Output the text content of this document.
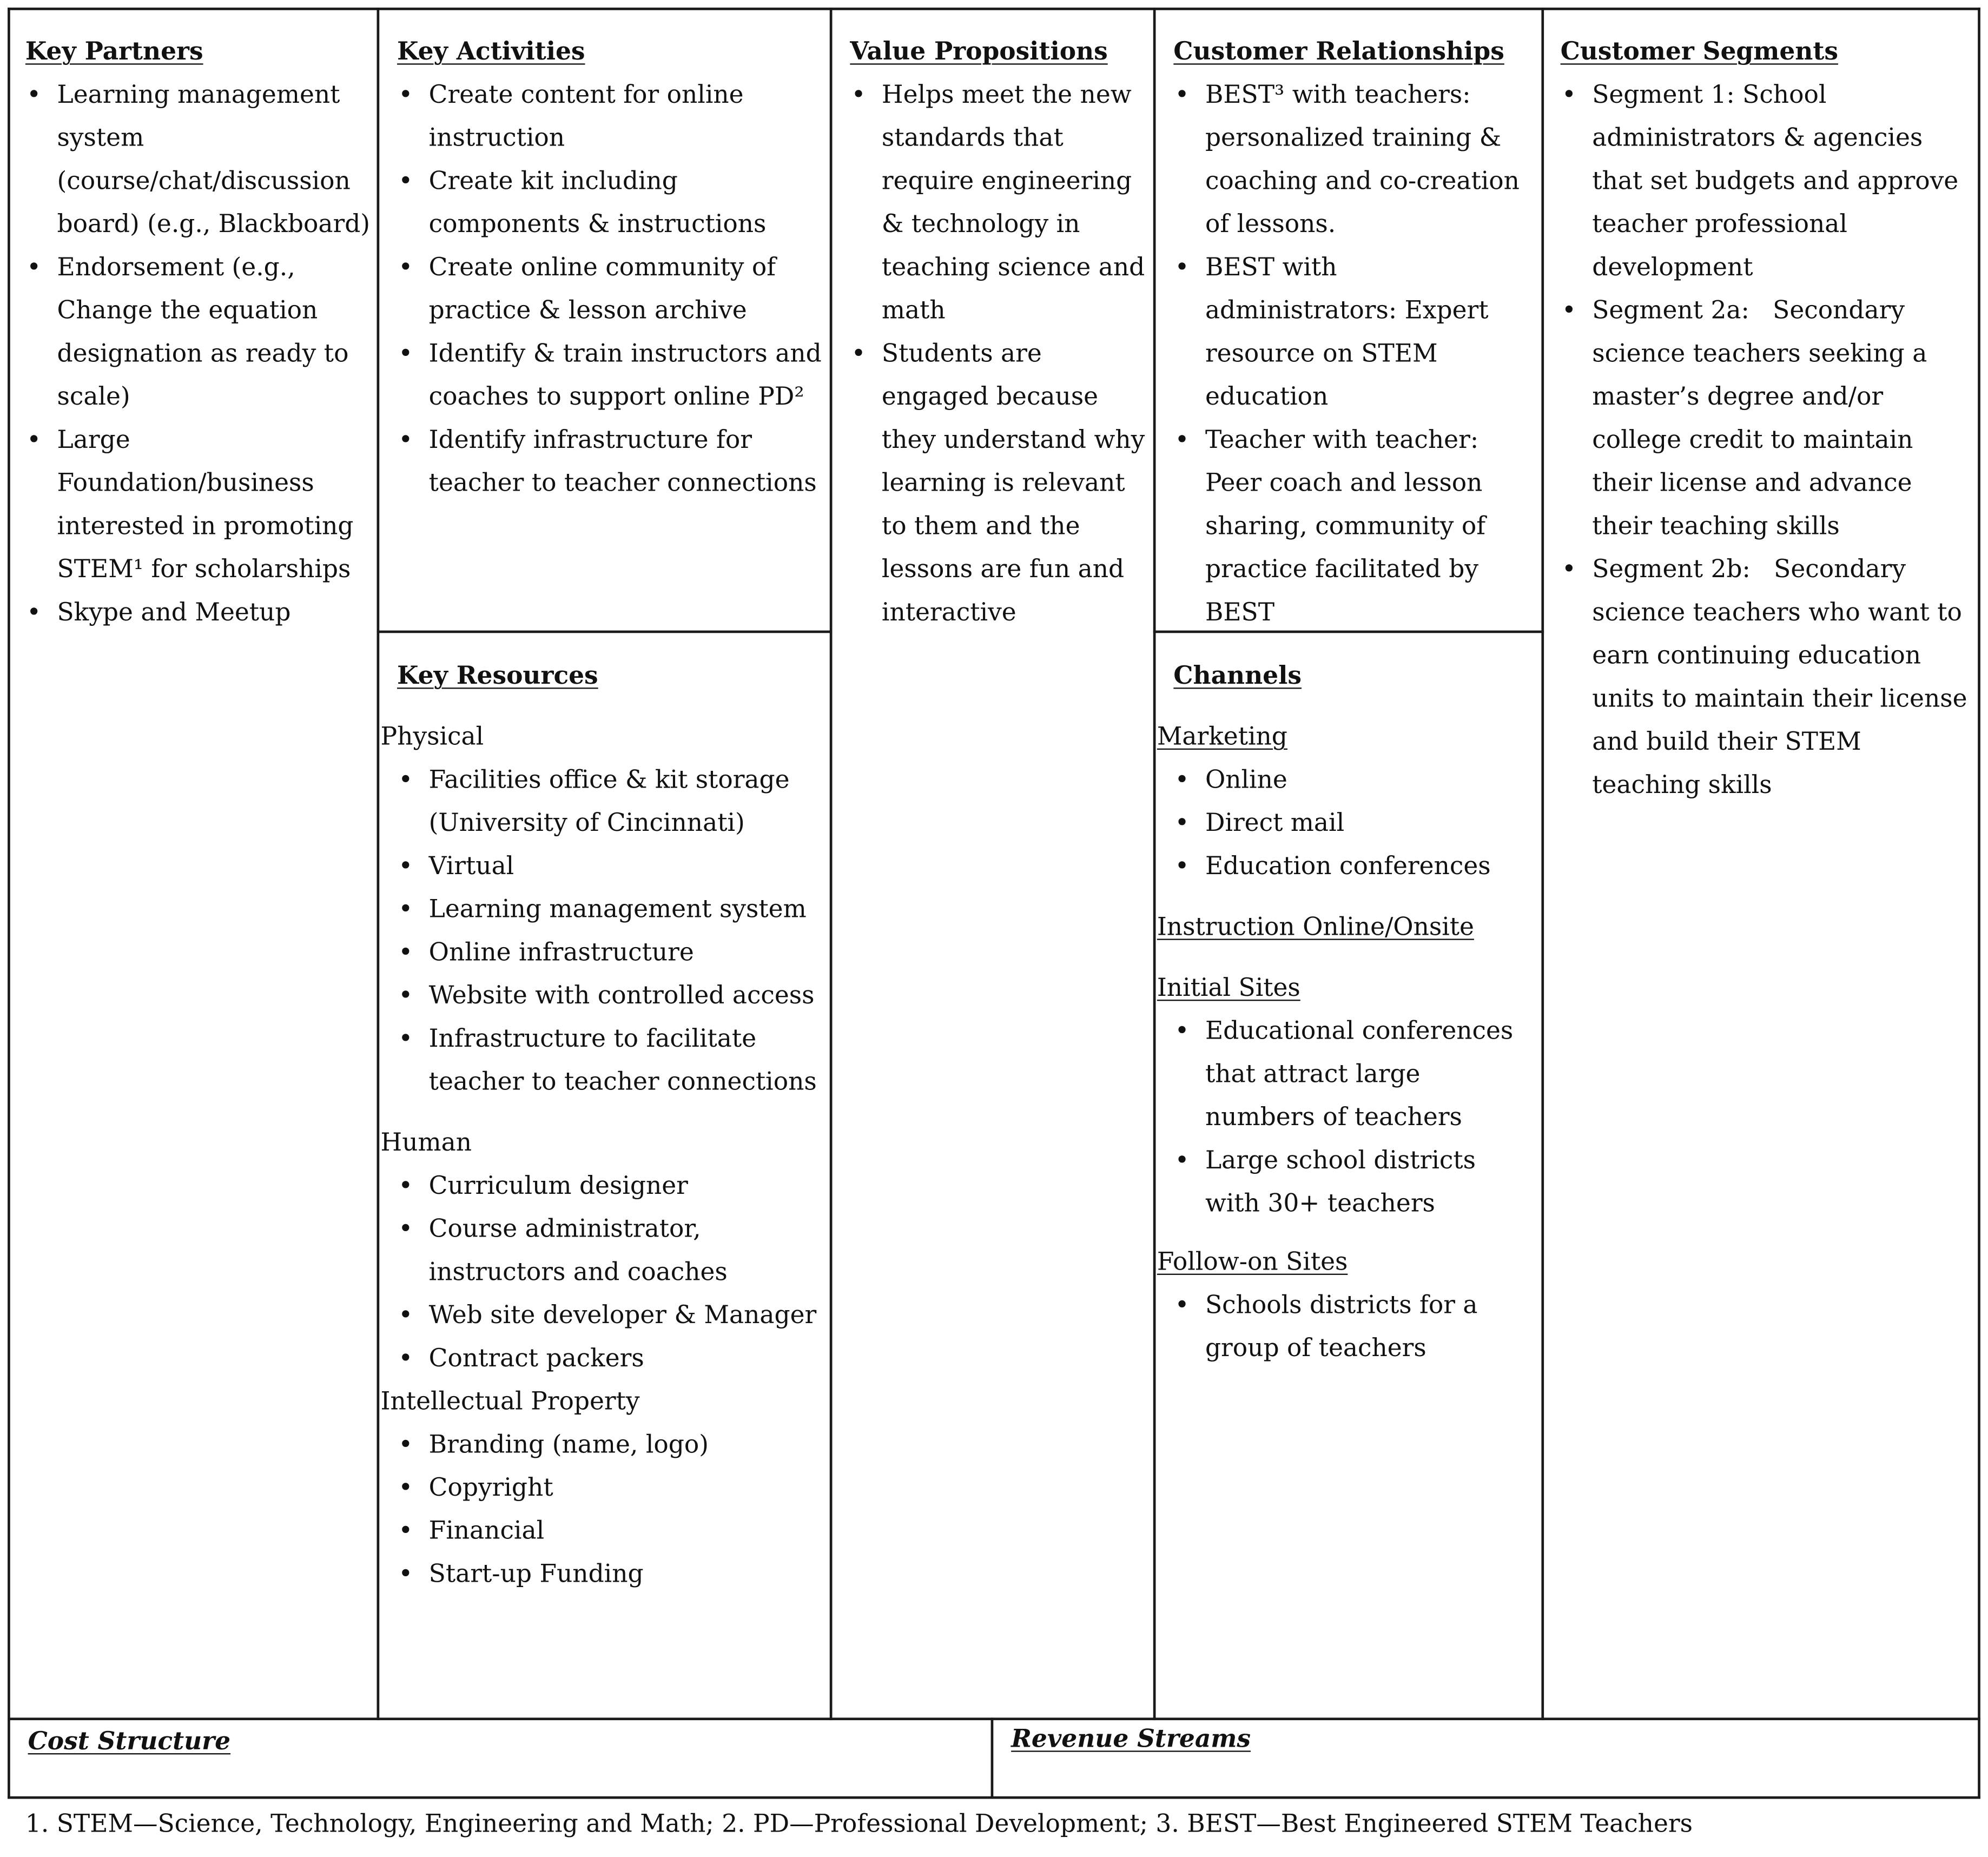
Key Partners

• Learning management system (course/chat/discussion board) (e.g., Blackboard)
• Endorsement (e.g., Change the equation designation as ready to scale)
• Large Foundation/business interested in promoting STEM¹ for scholarships
• Skype and Meetup

Key Activities

• Create content for online instruction
• Create kit including components & instructions
• Create online community of practice & lesson archive
• Identify & train instructors and coaches to support online PD²
• Identify infrastructure for teacher to teacher connections

Key Resources

Physical

• Facilities office & kit storage (University of Cincinnati)
• Virtual
• Learning management system
• Online infrastructure
• Website with controlled access
• Infrastructure to facilitate teacher to teacher connections

Human

• Curriculum designer
• Course administrator, instructors and coaches
• Web site developer & Manager
• Contract packers

Intellectual Property

• Branding (name, logo)
• Copyright
• Financial
• Start-up Funding

Value Propositions

• Helps meet the new standards that require engineering & technology in teaching science and math
• Students are engaged because they understand why learning is relevant to them and the lessons are fun and interactive

Customer Relationships

• BEST³ with teachers: personalized training & coaching and co-creation of lessons.
• BEST with administrators: Expert resource on STEM education
• Teacher with teacher: Peer coach and lesson sharing, community of practice facilitated by BEST

Channels

Marketing

• Online
• Direct mail
• Education conferences

Instruction Online/Onsite

Initial Sites

• Educational conferences that attract large numbers of teachers
• Large school districts with 30+ teachers

Follow-on Sites

• Schools districts for a group of teachers

Customer Segments

• Segment 1: School administrators & agencies that set budgets and approve teacher professional development
• Segment 2a:   Secondary science teachers seeking a master’s degree and/or college credit to maintain their license and advance their teaching skills
• Segment 2b:   Secondary science teachers who want to earn continuing education units to maintain their license and build their STEM teaching skills

Cost Structure	Revenue Streams

1. STEM—Science, Technology, Engineering and Math; 2. PD—Professional Development; 3. BEST—Best Engineered STEM Teachers
